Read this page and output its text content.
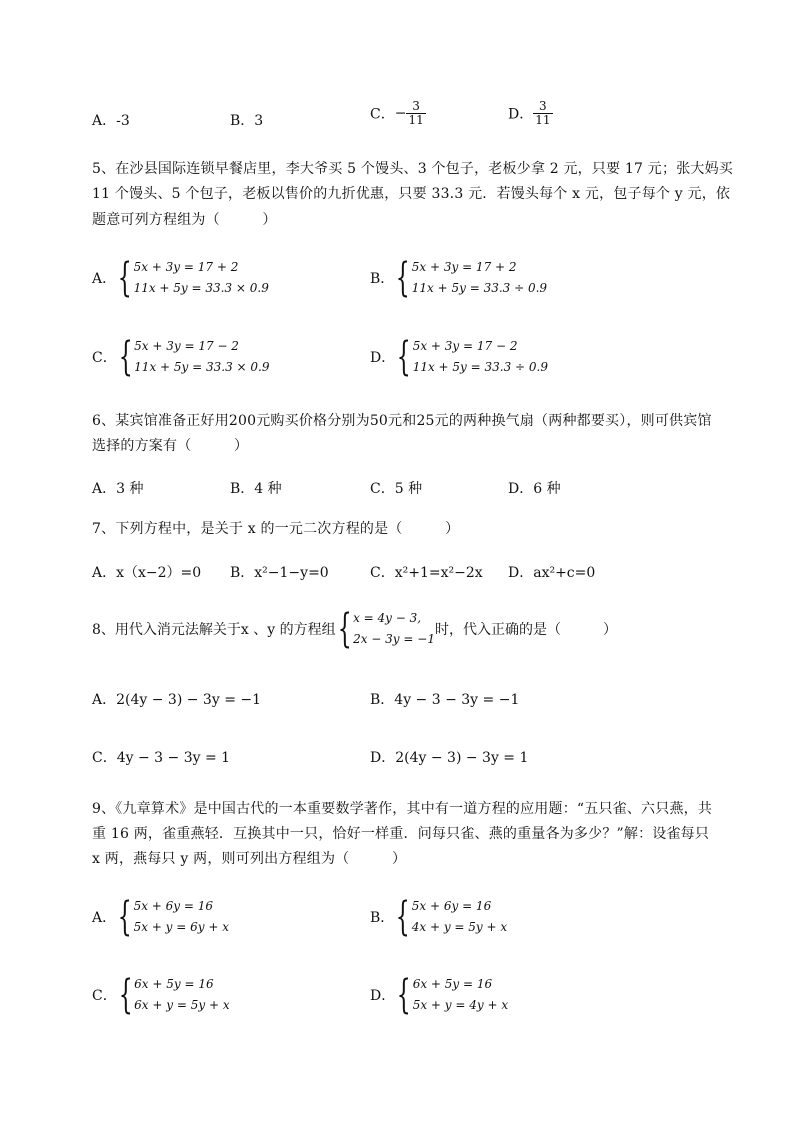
A．-3	B．3	C．− $\frac{3}{11}$	D． $\frac{3}{11}$
5、在沙县国际连锁早餐店里，李大爷买 5 个馒头、3 个包子，老板少拿 2 元，只要 17 元；张大妈买
11 个馒头、5 个包子，老板以售价的九折优惠，只要 33.3 元．若馒头每个 x 元，包子每个 y 元，依
题意可列方程组为（　　　）
A． { 5x + 3y = 17 + 2
11x + 5y = 33.3 × 0.9
B． { 5x + 3y = 17 + 2
11x + 5y = 33.3 ÷ 0.9
C． { 5x + 3y = 17 − 2
11x + 5y = 33.3 × 0.9
D． { 5x + 3y = 17 − 2
11x + 5y = 33.3 ÷ 0.9
6、某宾馆准备正好用200元购买价格分别为50元和25元的两种换气扇（两种都要买），则可供宾馆
选择的方案有（　　　）
A．3 种	B．4 种	C．5 种	D．6 种
7、下列方程中，是关于 x 的一元二次方程的是（　　　）
A．x（x−2）=0 B．x²−1−y=0	C．x²+1=x²−2x D．ax²+c=0
8、用代入消元法解关于x 、y 的方程组 { x = 4y − 3,
2x − 3y = −1
时，代入正确的是（　　　）
A．2(4y − 3) − 3y = −1	B．4y − 3 − 3y = −1
C．4y − 3 − 3y = 1	D．2(4y − 3) − 3y = 1
9、《九章算术》是中国古代的一本重要数学著作，其中有一道方程的应用题：“五只雀、六只燕，共
重 16 两，雀重燕轻．互换其中一只，恰好一样重．问每只雀、燕的重量各为多少？”解：设雀每只
x 两，燕每只 y 两，则可列出方程组为（　　　）
A． { 5x + 6y = 16
5x + y = 6y + x
B． { 5x + 6y = 16
4x + y = 5y + x
C． { 6x + 5y = 16
6x + y = 5y + x
D． { 6x + 5y = 16
5x + y = 4y + x
